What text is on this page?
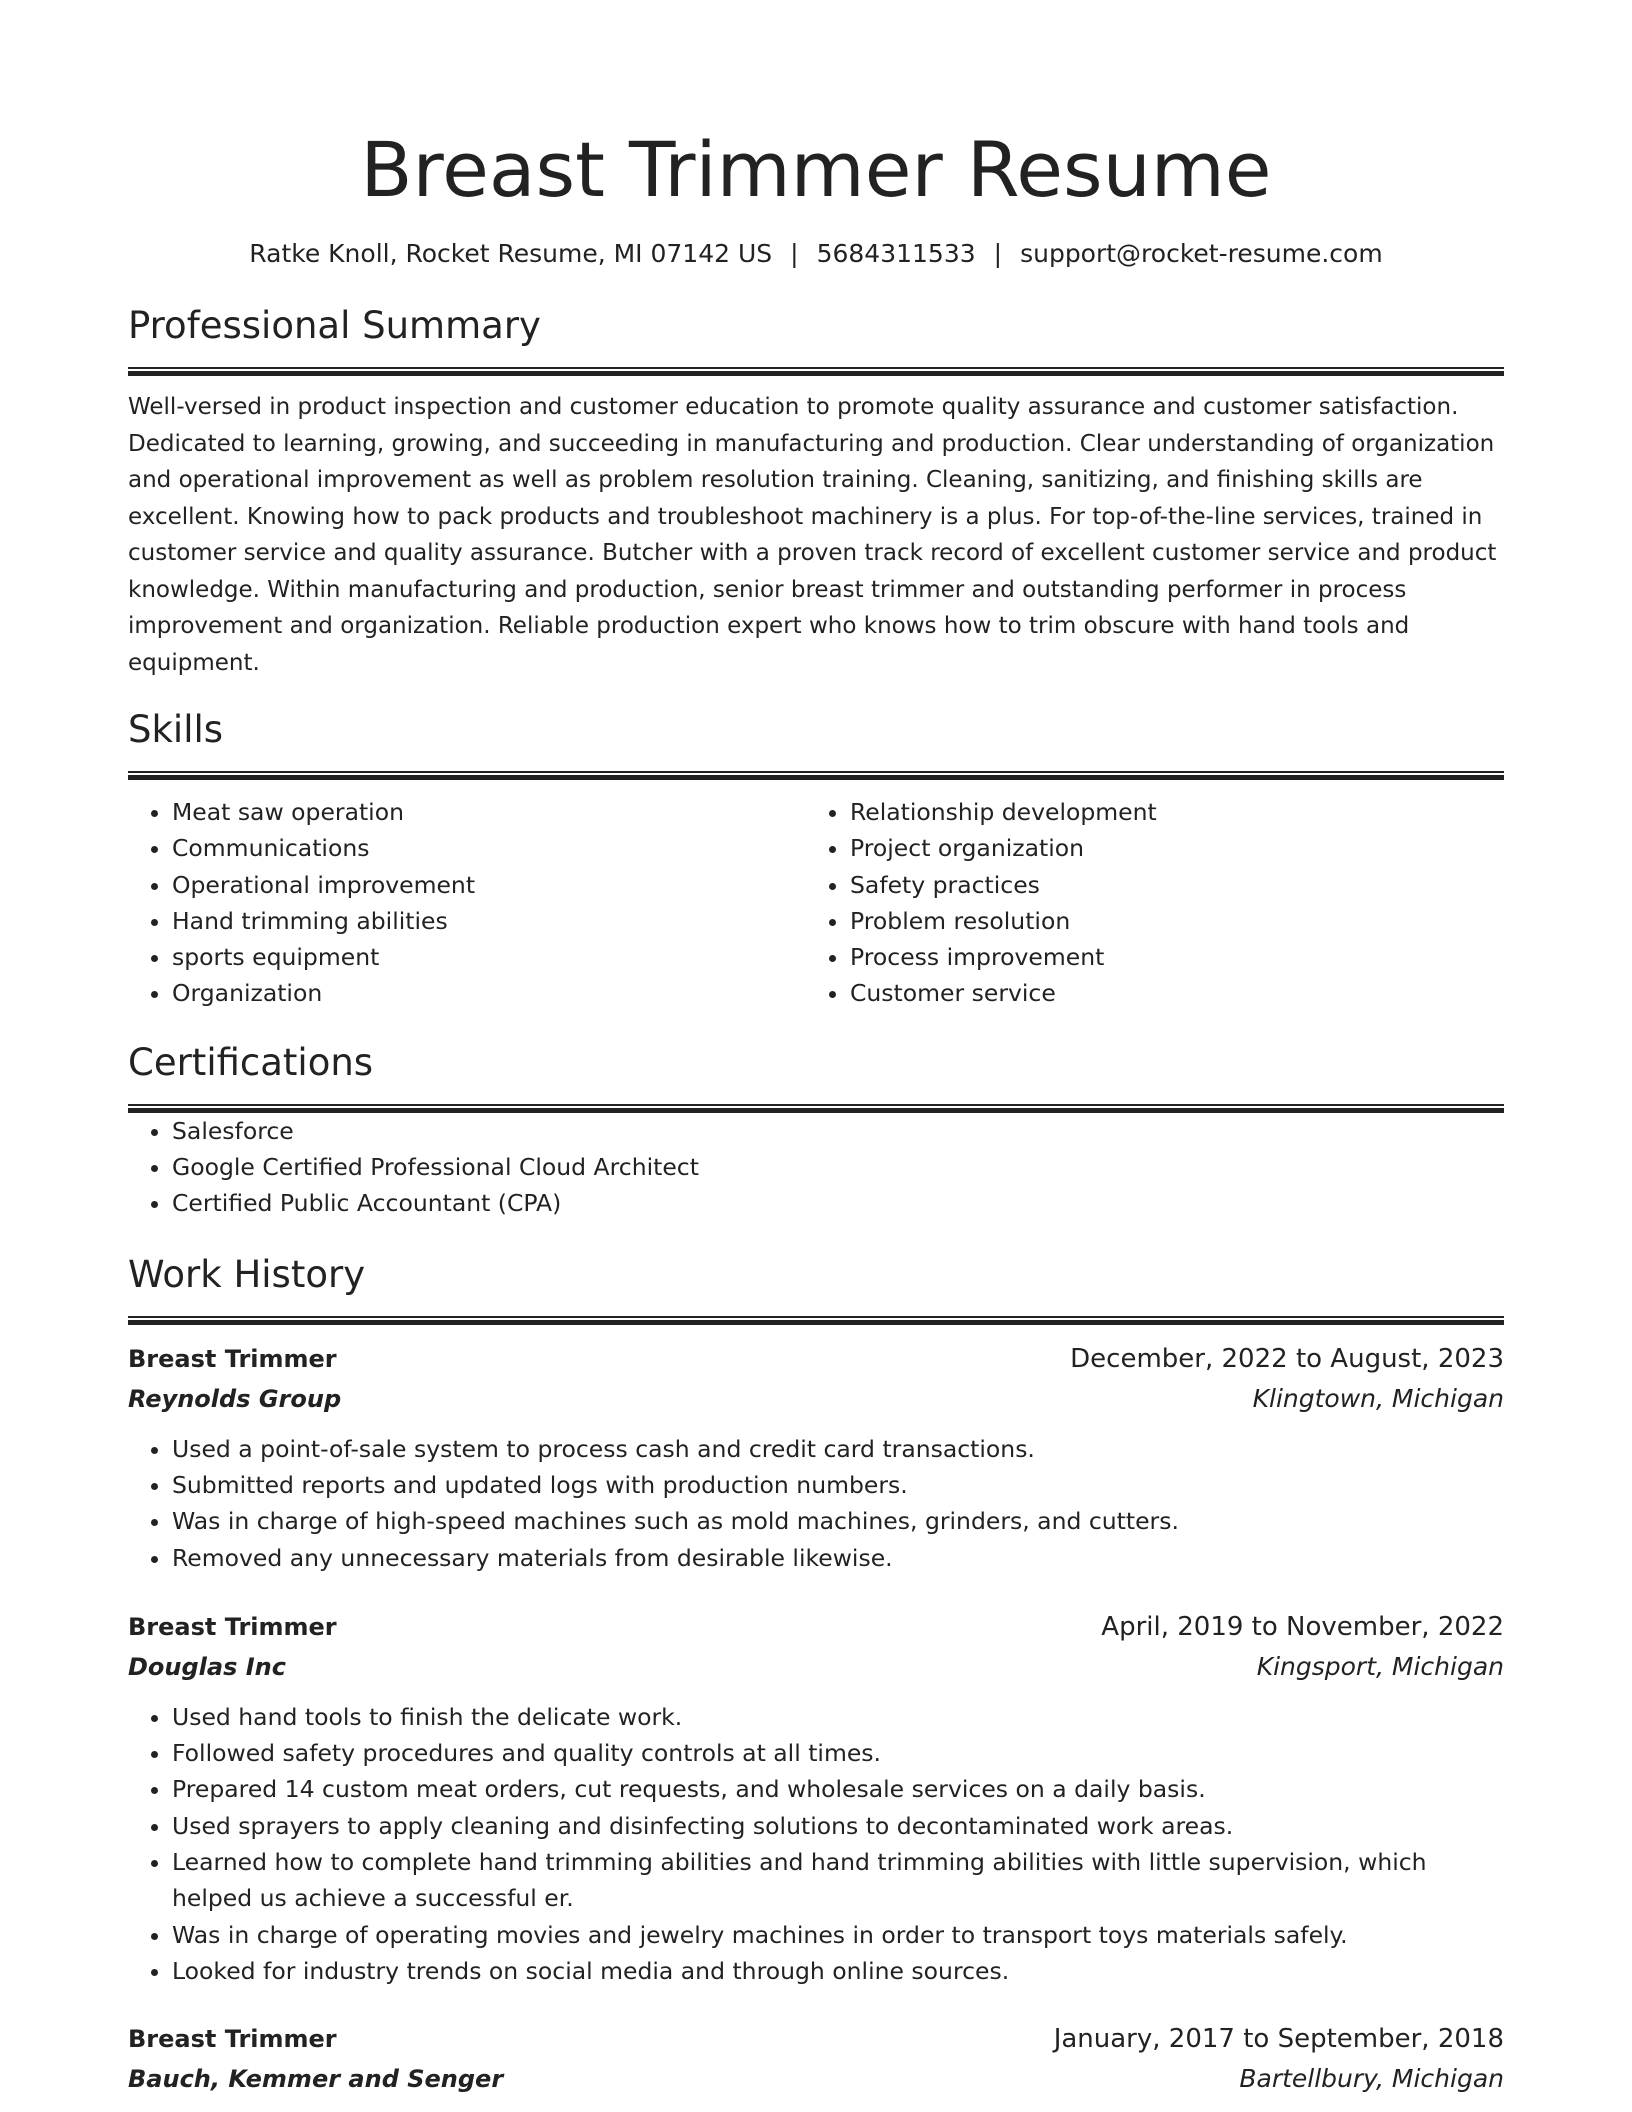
Breast Trimmer Resume
Ratke Knoll, Rocket Resume, MI 07142 US | 5684311533 | support@rocket-resume.com
Professional Summary

Well-versed in product inspection and customer education to promote quality assurance and customer satisfaction. Dedicated to learning, growing, and succeeding in manufacturing and production. Clear understanding of organization and operational improvement as well as problem resolution training. Cleaning, sanitizing, and finishing skills are excellent. Knowing how to pack products and troubleshoot machinery is a plus. For top-of-the-line services, trained in customer service and quality assurance. Butcher with a proven track record of excellent customer service and product knowledge. Within manufacturing and production, senior breast trimmer and outstanding performer in process improvement and organization. Reliable production expert who knows how to trim obscure with hand tools and equipment.

Skills
• Meat saw operation
• Communications
• Operational improvement
• Hand trimming abilities
• sports equipment
• Organization
• Relationship development
• Project organization
• Safety practices
• Problem resolution
• Process improvement
• Customer service
Certifications
• Salesforce
• Google Certified Professional Cloud Architect
• Certified Public Accountant (CPA)
Work History
Breast Trimmer	December, 2022 to August, 2023
Reynolds Group	Klingtown, Michigan
• Used a point-of-sale system to process cash and credit card transactions.
• Submitted reports and updated logs with production numbers.
• Was in charge of high-speed machines such as mold machines, grinders, and cutters.
• Removed any unnecessary materials from desirable likewise.
Breast Trimmer	April, 2019 to November, 2022
Douglas Inc	Kingsport, Michigan
• Used hand tools to finish the delicate work.
• Followed safety procedures and quality controls at all times.
• Prepared 14 custom meat orders, cut requests, and wholesale services on a daily basis.
• Used sprayers to apply cleaning and disinfecting solutions to decontaminated work areas.
• Learned how to complete hand trimming abilities and hand trimming abilities with little supervision, which helped us achieve a successful er.
• Was in charge of operating movies and jewelry machines in order to transport toys materials safely.
• Looked for industry trends on social media and through online sources.
Breast Trimmer	January, 2017 to September, 2018
Bauch, Kemmer and Senger	Bartellbury, Michigan
